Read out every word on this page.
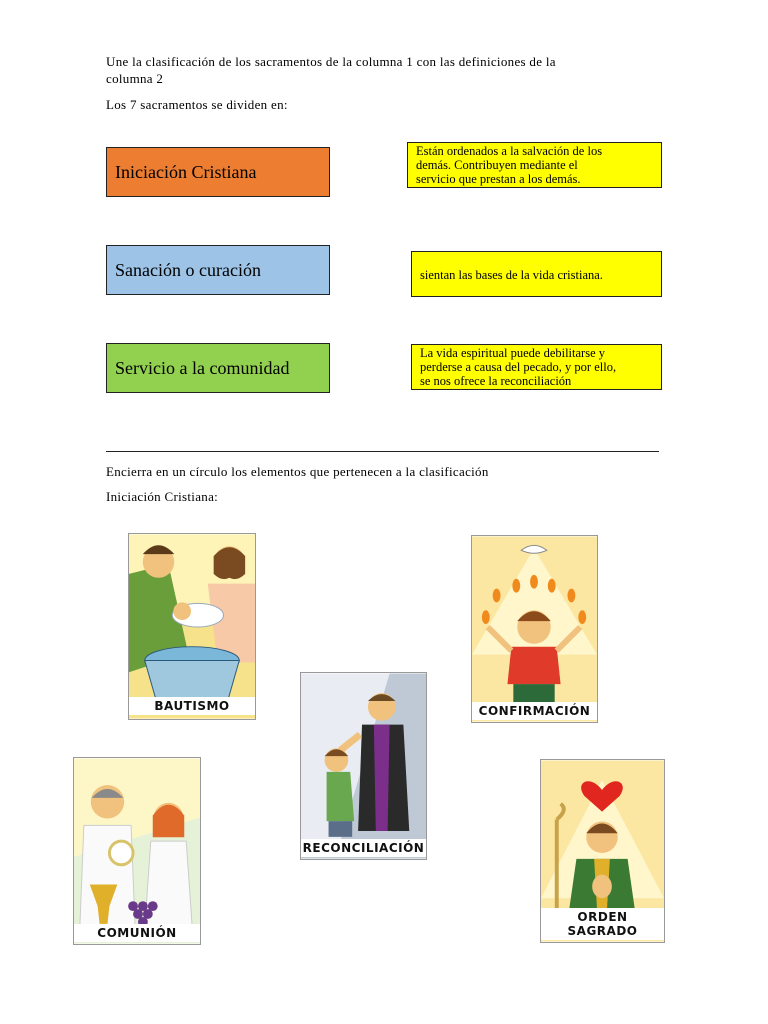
Une la clasificación de los sacramentos de la columna 1 con las definiciones de la
columna 2
Los 7 sacramentos se dividen en:
Iniciación Cristiana
Sanación o curación
Servicio a la comunidad
Están ordenados a la salvación de los
demás. Contribuyen mediante el
servicio que prestan a los demás.
sientan las bases de la vida cristiana.
La vida espiritual puede debilitarse y
perderse a causa del pecado, y por ello,
se nos ofrece la reconciliación
Encierra en un círculo los elementos que pertenecen a la clasificación
Iniciación Cristiana:
BAUTISMO	CONFIRMACIÓN
RECONCILIACIÓN
COMUNIÓN
ORDEN SAGRADO
